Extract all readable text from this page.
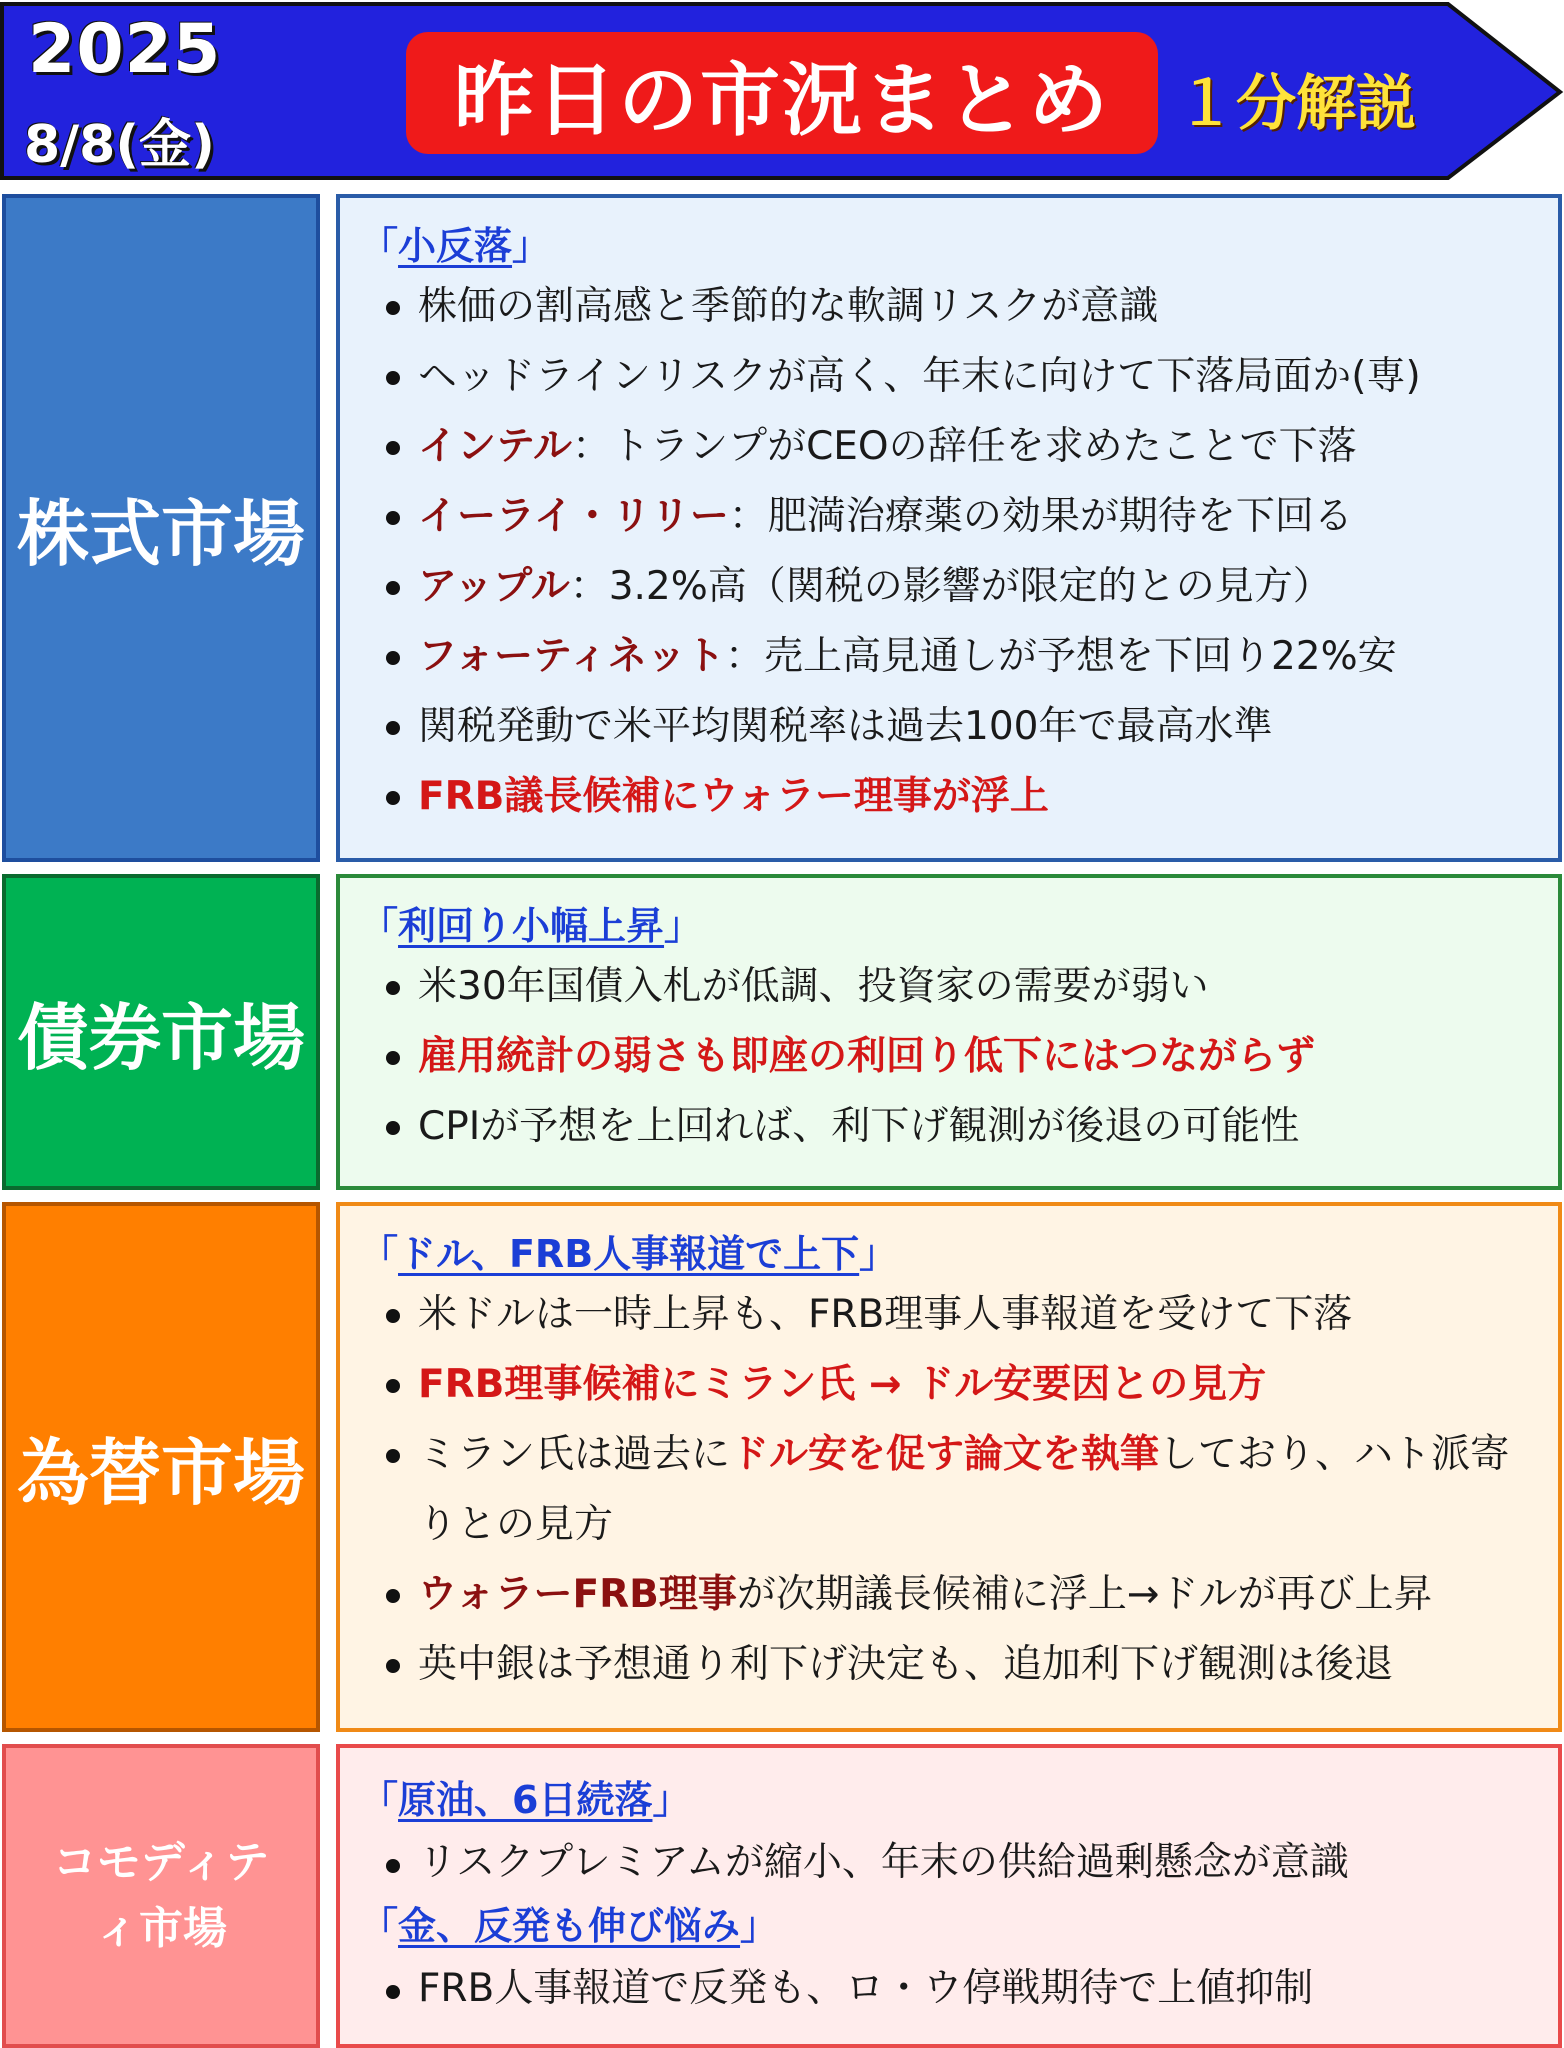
2025
8/8(金)	昨日の市況まとめ	１分解説
株式市場
「小反落」
株価の割高感と季節的な軟調リスクが意識
ヘッドラインリスクが高く、年末に向けて下落局面か(専)
インテル：トランプがCEOの辞任を求めたことで下落
イーライ・リリー：肥満治療薬の効果が期待を下回る
アップル：3.2%高（関税の影響が限定的との見方）
フォーティネット：売上高見通しが予想を下回り22%安
関税発動で米平均関税率は過去100年で最高水準
FRB議長候補にウォラー理事が浮上
債券市場
「利回り小幅上昇」
米30年国債入札が低調、投資家の需要が弱い
雇用統計の弱さも即座の利回り低下にはつながらず
CPIが予想を上回れば、利下げ観測が後退の可能性
為替市場
「ドル、FRB人事報道で上下」
米ドルは一時上昇も、FRB理事人事報道を受けて下落
FRB理事候補にミラン氏 → ドル安要因との見方
ミラン氏は過去にドル安を促す論文を執筆しており、ハト派寄りとの見方
ウォラーFRB理事が次期議長候補に浮上→ドルが再び上昇
英中銀は予想通り利下げ決定も、追加利下げ観測は後退
コモディテ
ィ市場
「原油、6日続落」
リスクプレミアムが縮小、年末の供給過剰懸念が意識
「金、反発も伸び悩み」
FRB人事報道で反発も、ロ・ウ停戦期待で上値抑制
